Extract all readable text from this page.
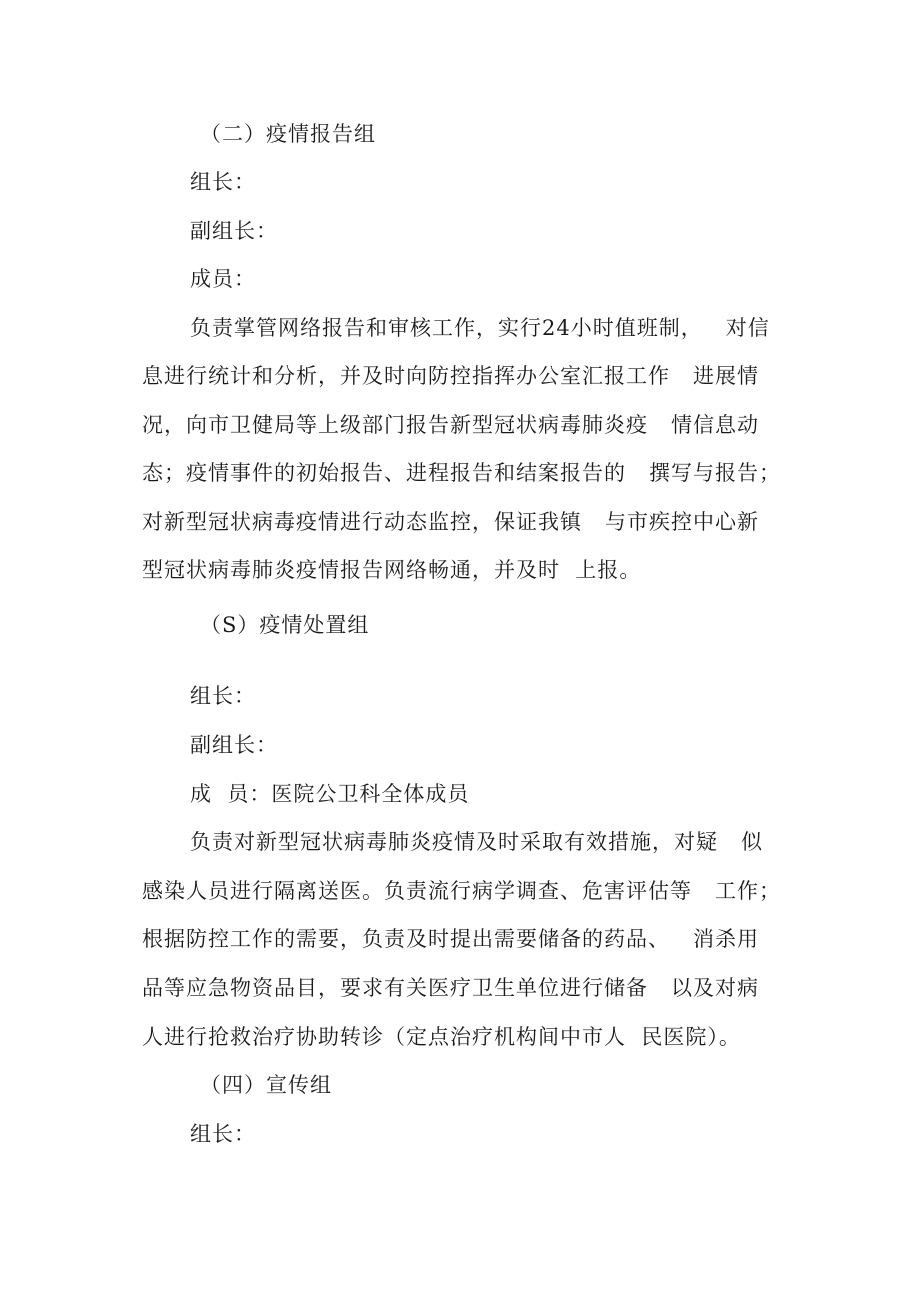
（二）疫情报告组
组长：
副组长：
成员：
负责掌管网络报告和审核工作，实行24小时值班制，   对信
息进行统计和分析，并及时向防控指挥办公室汇报工作   进展情
况，向市卫健局等上级部门报告新型冠状病毒肺炎疫   情信息动
态；疫情事件的初始报告、进程报告和结案报告的   撰写与报告；
对新型冠状病毒疫情进行动态监控，保证我镇   与市疾控中心新
型冠状病毒肺炎疫情报告网络畅通，并及时  上报。
（S）疫情处置组
组长：
副组长：
成  员：医院公卫科全体成员
负责对新型冠状病毒肺炎疫情及时采取有效措施，对疑   似
感染人员进行隔离送医。负责流行病学调查、危害评估等   工作；
根据防控工作的需要，负责及时提出需要储备的药品、   消杀用
品等应急物资品目，要求有关医疗卫生单位进行储备   以及对病
人进行抢救治疗协助转诊（定点治疗机构间中市人  民医院）。
（四）宣传组
组长：
